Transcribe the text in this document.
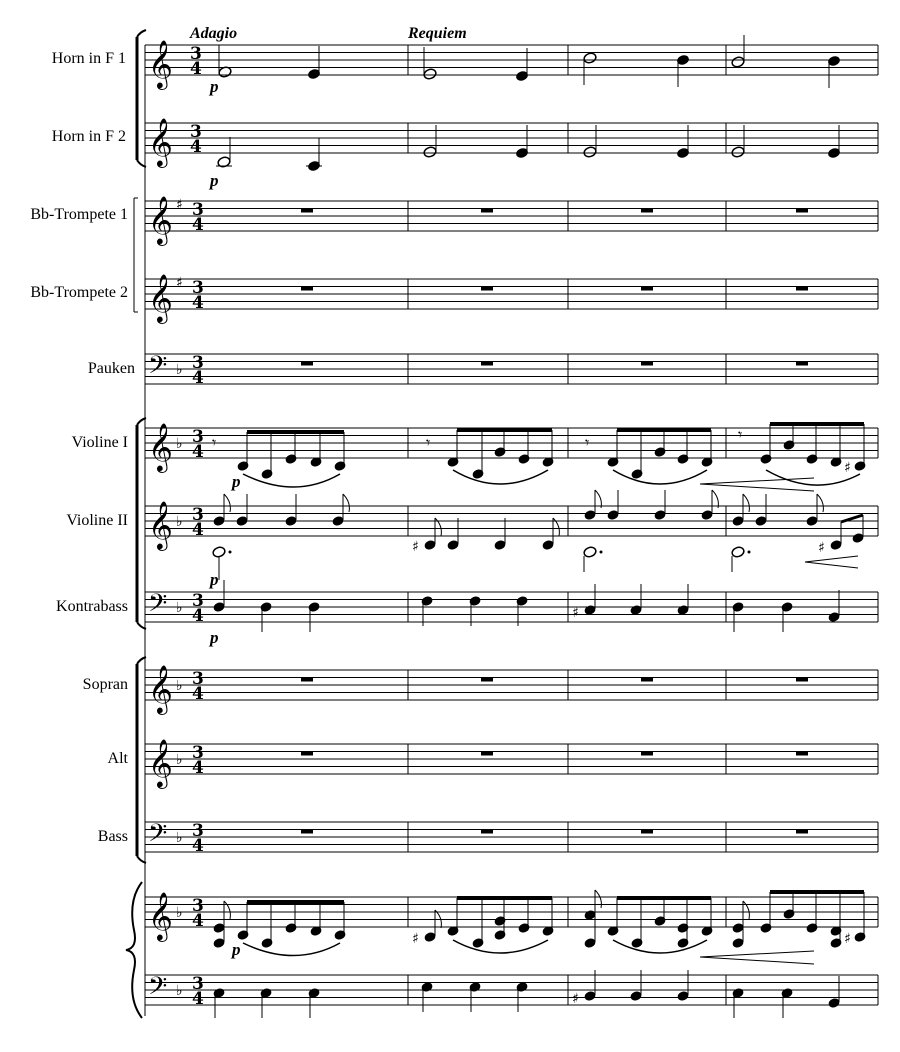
Adagio	Requiem
Horn in F 1
Horn in F 2
Bb-Trompete 1
Bb-Trompete 2
Pauken
Violine I
Violine II
Kontrabass
Sopran
Alt
Bass
𝄞
𝄞
𝄞
𝄞
𝄢
𝄞
𝄞
𝄢
𝄞
𝄞
𝄢
𝄞
𝄢
♯
♯
♭
♭
♭
♭
♭
♭
♭
♭
♭
3
4
3
4
3
4
3
4
3
4
3
4
3
4
3
4
3
4
3
4
3
4
3
4
3
4
p
p
𝄾	𝄾	𝄾	𝄾
♯
p
♯	♯
p
♯
p
♯	♯
p
♯
